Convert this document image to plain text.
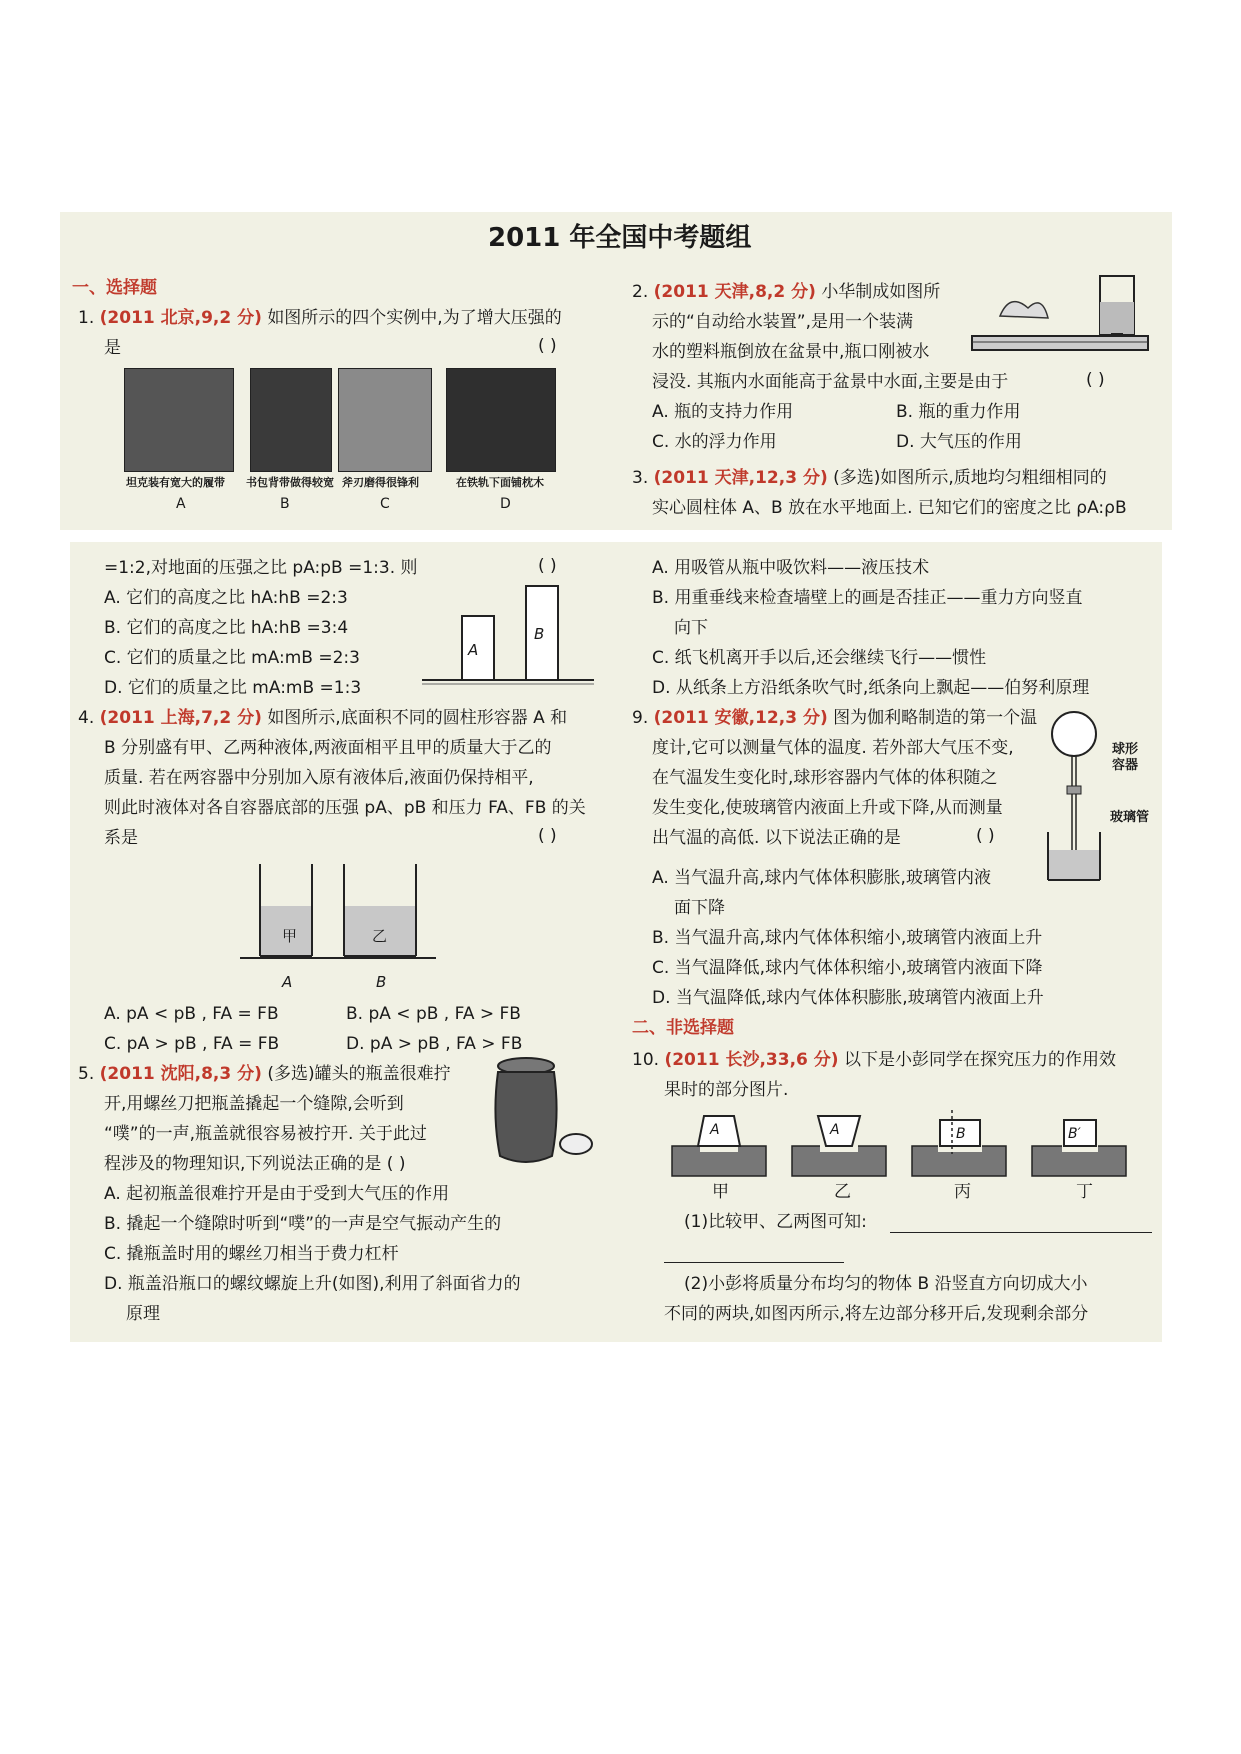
2011 年全国中考题组
一、选择题
1. (2011 北京,9,2 分) 如图所示的四个实例中,为了增大压强的
是	( )
坦克装有宽大的履带 书包背带做得较宽 斧刃磨得很锋利	在铁轨下面铺枕木
A	B	C	D
2. (2011 天津,8,2 分) 小华制成如图所
示的“自动给水装置”,是用一个装满
水的塑料瓶倒放在盆景中,瓶口刚被水
浸没. 其瓶内水面能高于盆景中水面,主要是由于	( )
A. 瓶的支持力作用	B. 瓶的重力作用
C. 水的浮力作用	D. 大气压的作用
3. (2011 天津,12,3 分) (多选)如图所示,质地均匀粗细相同的
实心圆柱体 A、B 放在水平地面上. 已知它们的密度之比 ρA:ρB
=1:2,对地面的压强之比 pA:pB =1:3. 则	( )
A. 它们的高度之比 hA:hB =2:3
B. 它们的高度之比 hA:hB =3:4
C. 它们的质量之比 mA:mB =2:3
D. 它们的质量之比 mA:mB =1:3
A
B
4. (2011 上海,7,2 分) 如图所示,底面积不同的圆柱形容器 A 和
B 分别盛有甲、乙两种液体,两液面相平且甲的质量大于乙的
质量. 若在两容器中分别加入原有液体后,液面仍保持相平,
则此时液体对各自容器底部的压强 pA、pB 和压力 FA、FB 的关
系是	( )
甲	乙
A	B
A. pA < pB , FA = FB	B. pA < pB , FA > FB
C. pA > pB , FA = FB	D. pA > pB , FA > FB
5. (2011 沈阳,8,3 分) (多选)罐头的瓶盖很难拧
开,用螺丝刀把瓶盖撬起一个缝隙,会听到
“噗”的一声,瓶盖就很容易被拧开. 关于此过
程涉及的物理知识,下列说法正确的是 ( )
A. 起初瓶盖很难拧开是由于受到大气压的作用
B. 撬起一个缝隙时听到“噗”的一声是空气振动产生的
C. 撬瓶盖时用的螺丝刀相当于费力杠杆
D. 瓶盖沿瓶口的螺纹螺旋上升(如图),利用了斜面省力的
原理
A. 用吸管从瓶中吸饮料——液压技术
B. 用重垂线来检查墙壁上的画是否挂正——重力方向竖直
向下
C. 纸飞机离开手以后,还会继续飞行——惯性
D. 从纸条上方沿纸条吹气时,纸条向上飘起——伯努利原理
9. (2011 安徽,12,3 分) 图为伽利略制造的第一个温
度计,它可以测量气体的温度. 若外部大气压不变,
在气温发生变化时,球形容器内气体的体积随之
发生变化,使玻璃管内液面上升或下降,从而测量
出气温的高低. 以下说法正确的是	( )
球形
容器
玻璃管
A. 当气温升高,球内气体体积膨胀,玻璃管内液
面下降
B. 当气温升高,球内气体体积缩小,玻璃管内液面上升
C. 当气温降低,球内气体体积缩小,玻璃管内液面下降
D. 当气温降低,球内气体体积膨胀,玻璃管内液面上升
二、非选择题
10. (2011 长沙,33,6 分) 以下是小彭同学在探究压力的作用效
果时的部分图片.
A	A	B	B′
甲	乙	丙	丁
(1)比较甲、乙两图可知:
(2)小彭将质量分布均匀的物体 B 沿竖直方向切成大小
不同的两块,如图丙所示,将左边部分移开后,发现剩余部分
